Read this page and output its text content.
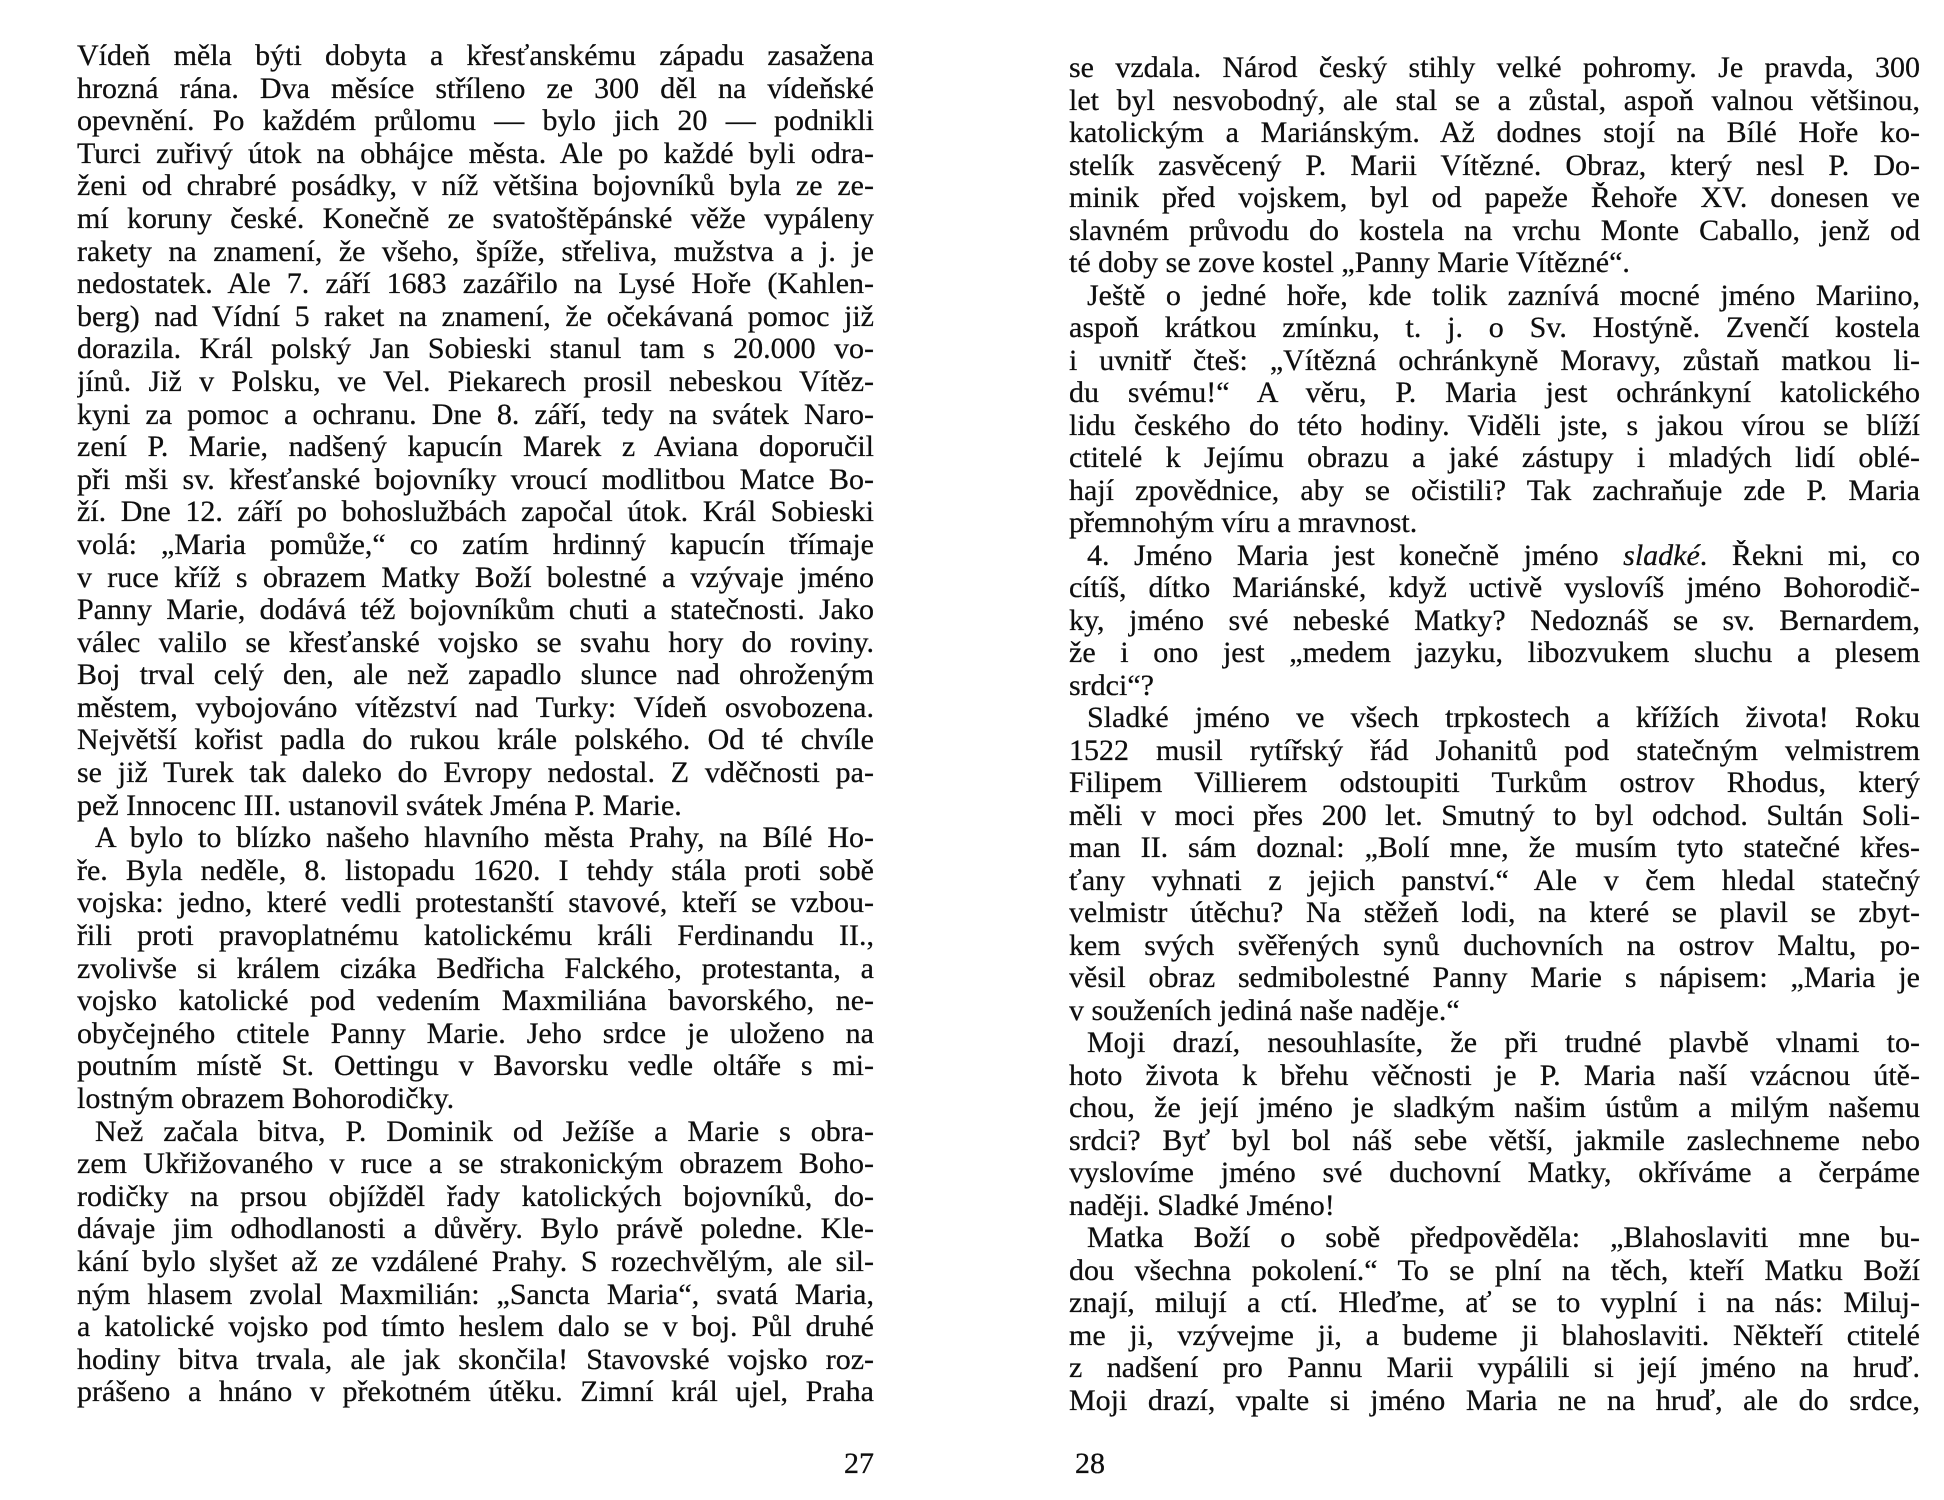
Vídeň měla býti dobyta a křesťanskému západu zasažena
hrozná rána. Dva měsíce stříleno ze 300 děl na vídeňské
opevnění. Po každém průlomu — bylo jich 20 — podnikli
Turci zuřivý útok na obhájce města. Ale po každé byli odra-
ženi od chrabré posádky, v níž většina bojovníků byla ze ze-
mí koruny české. Konečně ze svatoštěpánské věže vypáleny
rakety na znamení, že všeho, špíže, střeliva, mužstva a j. je
nedostatek. Ale 7. září 1683 zazářilo na Lysé Hoře (Kahlen-
berg) nad Vídní 5 raket na znamení, že očekávaná pomoc již
dorazila. Král polský Jan Sobieski stanul tam s 20.000 vo-
jínů. Již v Polsku, ve Vel. Piekarech prosil nebeskou Vítěz-
kyni za pomoc a ochranu. Dne 8. září, tedy na svátek Naro-
zení P. Marie, nadšený kapucín Marek z Aviana doporučil
při mši sv. křesťanské bojovníky vroucí modlitbou Matce Bo-
ží. Dne 12. září po bohoslužbách započal útok. Král Sobieski
volá: „Maria pomůže,“ co zatím hrdinný kapucín třímaje
v ruce kříž s obrazem Matky Boží bolestné a vzývaje jméno
Panny Marie, dodává též bojovníkům chuti a statečnosti. Jako
válec valilo se křesťanské vojsko se svahu hory do roviny.
Boj trval celý den, ale než zapadlo slunce nad ohroženým
městem, vybojováno vítězství nad Turky: Vídeň osvobozena.
Největší kořist padla do rukou krále polského. Od té chvíle
se již Turek tak daleko do Evropy nedostal. Z vděčnosti pa-
pež Innocenc III. ustanovil svátek Jména P. Marie.
A bylo to blízko našeho hlavního města Prahy, na Bílé Ho-
ře. Byla neděle, 8. listopadu 1620. I tehdy stála proti sobě
vojska: jedno, které vedli protestanští stavové, kteří se vzbou-
řili proti pravoplatnému katolickému králi Ferdinandu II.,
zvolivše si králem cizáka Bedřicha Falckého, protestanta, a
vojsko katolické pod vedením Maxmiliána bavorského, ne-
obyčejného ctitele Panny Marie. Jeho srdce je uloženo na
poutním místě St. Oettingu v Bavorsku vedle oltáře s mi-
lostným obrazem Bohorodičky.
Než začala bitva, P. Dominik od Ježíše a Marie s obra-
zem Ukřižovaného v ruce a se strakonickým obrazem Boho-
rodičky na prsou objížděl řady katolických bojovníků, do-
dávaje jim odhodlanosti a důvěry. Bylo právě poledne. Kle-
kání bylo slyšet až ze vzdálené Prahy. S rozechvělým, ale sil-
ným hlasem zvolal Maxmilián: „Sancta Maria“, svatá Maria,
a katolické vojsko pod tímto heslem dalo se v boj. Půl druhé
hodiny bitva trvala, ale jak skončila! Stavovské vojsko roz-
prášeno a hnáno v překotném útěku. Zimní král ujel, Praha
27
se vzdala. Národ český stihly velké pohromy. Je pravda, 300
let byl nesvobodný, ale stal se a zůstal, aspoň valnou většinou,
katolickým a Mariánským. Až dodnes stojí na Bílé Hoře ko-
stelík zasvěcený P. Marii Vítězné. Obraz, který nesl P. Do-
minik před vojskem, byl od papeže Řehoře XV. donesen ve
slavném průvodu do kostela na vrchu Monte Caballo, jenž od
té doby se zove kostel „Panny Marie Vítězné“.
Ještě o jedné hoře, kde tolik zaznívá mocné jméno Mariino,
aspoň krátkou zmínku, t. j. o Sv. Hostýně. Zvenčí kostela
i uvnitř čteš: „Vítězná ochránkyně Moravy, zůstaň matkou li-
du svému!“ A věru, P. Maria jest ochránkyní katolického
lidu českého do této hodiny. Viděli jste, s jakou vírou se blíží
ctitelé k Jejímu obrazu a jaké zástupy i mladých lidí oblé-
hají zpovědnice, aby se očistili? Tak zachraňuje zde P. Maria
přemnohým víru a mravnost.
4. Jméno Maria jest konečně jméno sladké. Řekni mi, co
cítíš, dítko Mariánské, když uctivě vyslovíš jméno Bohorodič-
ky, jméno své nebeské Matky? Nedoznáš se sv. Bernardem,
že i ono jest „medem jazyku, libozvukem sluchu a plesem
srdci“?
Sladké jméno ve všech trpkostech a křížích života! Roku
1522 musil rytířský řád Johanitů pod statečným velmistrem
Filipem Villierem odstoupiti Turkům ostrov Rhodus, který
měli v moci přes 200 let. Smutný to byl odchod. Sultán Soli-
man II. sám doznal: „Bolí mne, že musím tyto statečné křes-
ťany vyhnati z jejich panství.“ Ale v čem hledal statečný
velmistr útěchu? Na stěžeň lodi, na které se plavil se zbyt-
kem svých svěřených synů duchovních na ostrov Maltu, po-
věsil obraz sedmibolestné Panny Marie s nápisem: „Maria je
v souženích jediná naše naděje.“
Moji drazí, nesouhlasíte, že při trudné plavbě vlnami to-
hoto života k břehu věčnosti je P. Maria naší vzácnou útě-
chou, že její jméno je sladkým našim ústům a milým našemu
srdci? Byť byl bol náš sebe větší, jakmile zaslechneme nebo
vyslovíme jméno své duchovní Matky, okříváme a čerpáme
naději. Sladké Jméno!
Matka Boží o sobě předpověděla: „Blahoslaviti mne bu-
dou všechna pokolení.“ To se plní na těch, kteří Matku Boží
znají, milují a ctí. Hleďme, ať se to vyplní i na nás: Miluj-
me ji, vzývejme ji, a budeme ji blahoslaviti. Někteří ctitelé
z nadšení pro Pannu Marii vypálili si její jméno na hruď.
Moji drazí, vpalte si jméno Maria ne na hruď, ale do srdce,
28
